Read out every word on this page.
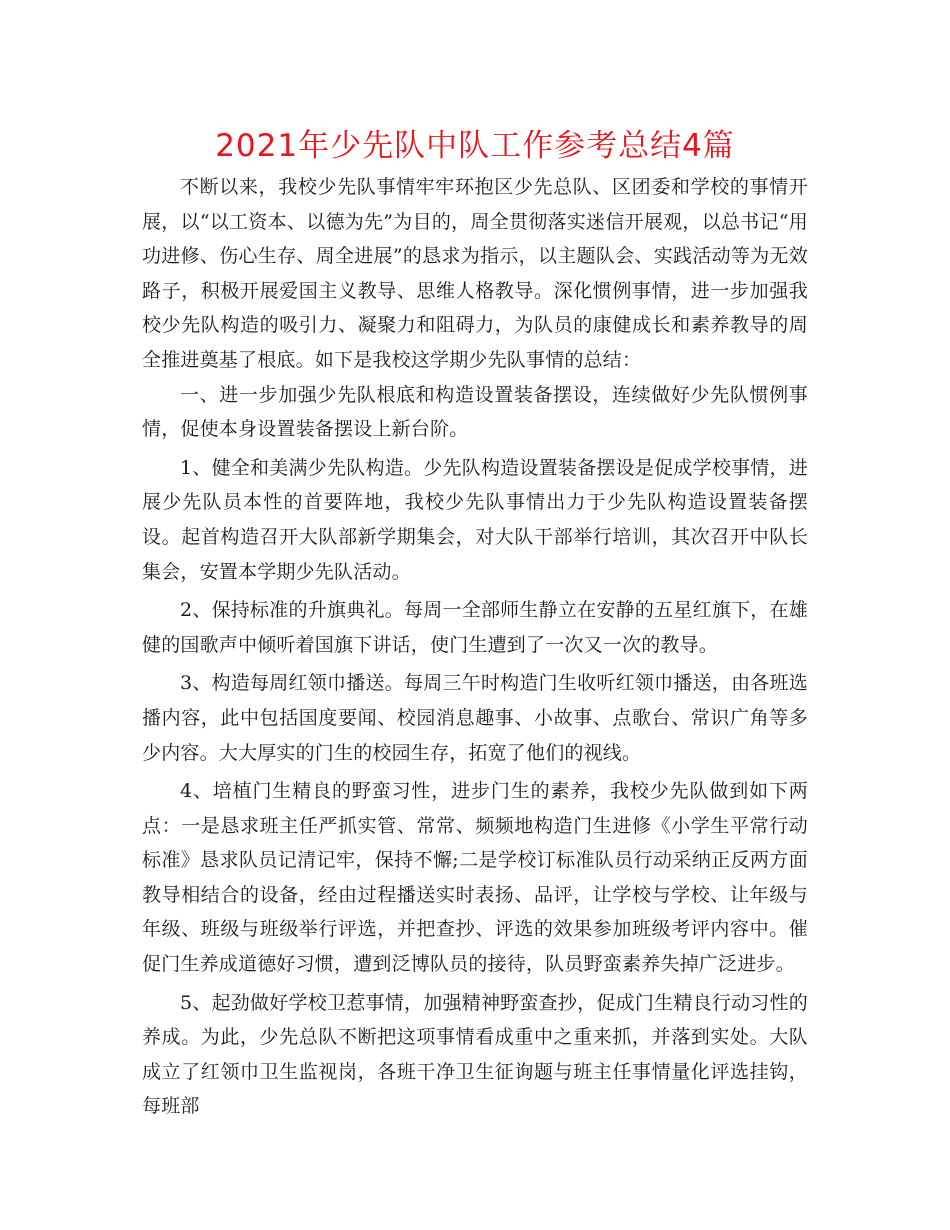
2021年少先队中队工作参考总结4篇

不断以来，我校少先队事情牢牢环抱区少先总队、区团委和学校的事情开展，以“以工资本、以德为先”为目的，周全贯彻落实迷信开展观，以总书记“用功进修、伤心生存、周全进展”的恳求为指示，以主题队会、实践活动等为无效路子，积极开展爱国主义教导、思维人格教导。深化惯例事情，进一步加强我校少先队构造的吸引力、凝聚力和阻碍力，为队员的康健成长和素养教导的周全推进奠基了根底。如下是我校这学期少先队事情的总结：

一、进一步加强少先队根底和构造设置装备摆设，连续做好少先队惯例事情，促使本身设置装备摆设上新台阶。

1、健全和美满少先队构造。少先队构造设置装备摆设是促成学校事情，进展少先队员本性的首要阵地，我校少先队事情出力于少先队构造设置装备摆设。起首构造召开大队部新学期集会，对大队干部举行培训，其次召开中队长集会，安置本学期少先队活动。

2、保持标准的升旗典礼。每周一全部师生静立在安静的五星红旗下，在雄健的国歌声中倾听着国旗下讲话，使门生遭到了一次又一次的教导。

3、构造每周红领巾播送。每周三午时构造门生收听红领巾播送，由各班选播内容，此中包括国度要闻、校园消息趣事、小故事、点歌台、常识广角等多少内容。大大厚实的门生的校园生存，拓宽了他们的视线。

4、培植门生精良的野蛮习性，进步门生的素养，我校少先队做到如下两点：一是恳求班主任严抓实管、常常、频频地构造门生进修《小学生平常行动标准》恳求队员记清记牢，保持不懈;二是学校订标准队员行动采纳正反两方面教导相结合的设备，经由过程播送实时表扬、品评，让学校与学校、让年级与年级、班级与班级举行评选，并把查抄、评选的效果参加班级考评内容中。催促门生养成道德好习惯，遭到泛博队员的接待，队员野蛮素养失掉广泛进步。

5、起劲做好学校卫惹事情，加强精神野蛮查抄，促成门生精良行动习性的养成。为此，少先总队不断把这项事情看成重中之重来抓，并落到实处。大队成立了红领巾卫生监视岗，各班干净卫生征询题与班主任事情量化评选挂钩，每班部
